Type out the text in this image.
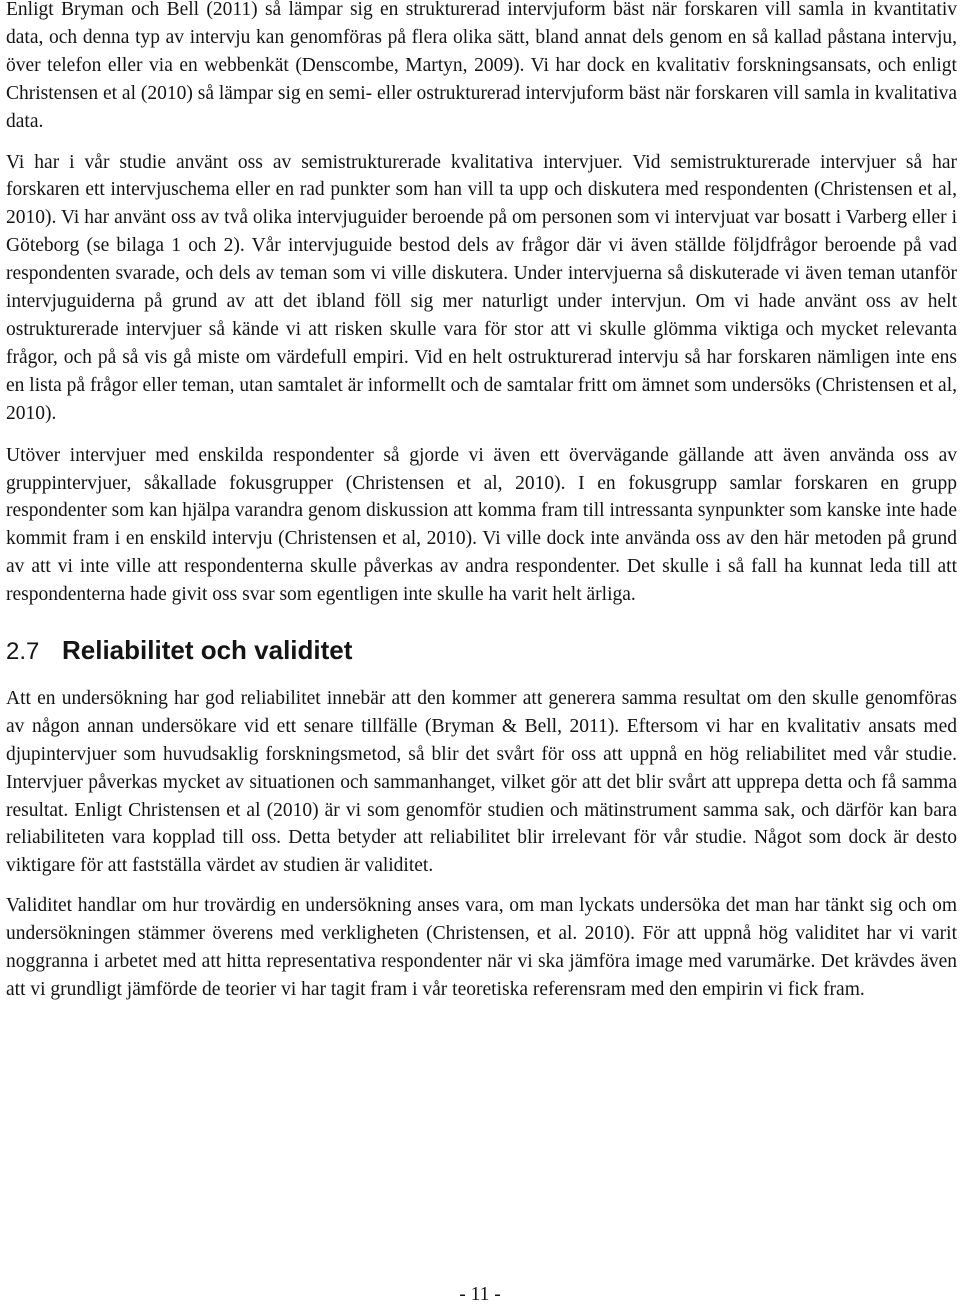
Enligt Bryman och Bell (2011) så lämpar sig en strukturerad intervjuform bäst när forskaren vill samla in kvantitativ data, och denna typ av intervju kan genomföras på flera olika sätt, bland annat dels genom en så kallad påstana intervju, över telefon eller via en webbenkät (Denscombe, Martyn, 2009). Vi har dock en kvalitativ forskningsansats, och enligt Christensen et al (2010) så lämpar sig en semi- eller ostrukturerad intervjuform bäst när forskaren vill samla in kvalitativa data.

Vi har i vår studie använt oss av semistrukturerade kvalitativa intervjuer. Vid semistrukturerade intervjuer så har forskaren ett intervjuschema eller en rad punkter som han vill ta upp och diskutera med respondenten (Christensen et al, 2010). Vi har använt oss av två olika intervjuguider beroende på om personen som vi intervjuat var bosatt i Varberg eller i Göteborg (se bilaga 1 och 2). Vår intervjuguide bestod dels av frågor där vi även ställde följdfrågor beroende på vad respondenten svarade, och dels av teman som vi ville diskutera. Under intervjuerna så diskuterade vi även teman utanför intervjuguiderna på grund av att det ibland föll sig mer naturligt under intervjun. Om vi hade använt oss av helt ostrukturerade intervjuer så kände vi att risken skulle vara för stor att vi skulle glömma viktiga och mycket relevanta frågor, och på så vis gå miste om värdefull empiri. Vid en helt ostrukturerad intervju så har forskaren nämligen inte ens en lista på frågor eller teman, utan samtalet är informellt och de samtalar fritt om ämnet som undersöks (Christensen et al, 2010).

Utöver intervjuer med enskilda respondenter så gjorde vi även ett övervägande gällande att även använda oss av gruppintervjuer, såkallade fokusgrupper (Christensen et al, 2010). I en fokusgrupp samlar forskaren en grupp respondenter som kan hjälpa varandra genom diskussion att komma fram till intressanta synpunkter som kanske inte hade kommit fram i en enskild intervju (Christensen et al, 2010). Vi ville dock inte använda oss av den här metoden på grund av att vi inte ville att respondenterna skulle påverkas av andra respondenter. Det skulle i så fall ha kunnat leda till att respondenterna hade givit oss svar som egentligen inte skulle ha varit helt ärliga.

2.7 Reliabilitet och validitet

Att en undersökning har god reliabilitet innebär att den kommer att generera samma resultat om den skulle genomföras av någon annan undersökare vid ett senare tillfälle (Bryman & Bell, 2011). Eftersom vi har en kvalitativ ansats med djupintervjuer som huvudsaklig forskningsmetod, så blir det svårt för oss att uppnå en hög reliabilitet med vår studie. Intervjuer påverkas mycket av situationen och sammanhanget, vilket gör att det blir svårt att upprepa detta och få samma resultat. Enligt Christensen et al (2010) är vi som genomför studien och mätinstrument samma sak, och därför kan bara reliabiliteten vara kopplad till oss. Detta betyder att reliabilitet blir irrelevant för vår studie. Något som dock är desto viktigare för att fastställa värdet av studien är validitet.

Validitet handlar om hur trovärdig en undersökning anses vara, om man lyckats undersöka det man har tänkt sig och om undersökningen stämmer överens med verkligheten (Christensen, et al. 2010). För att uppnå hög validitet har vi varit noggranna i arbetet med att hitta representativa respondenter när vi ska jämföra image med varumärke. Det krävdes även att vi grundligt jämförde de teorier vi har tagit fram i vår teoretiska referensram med den empirin vi fick fram.

- 11 -
